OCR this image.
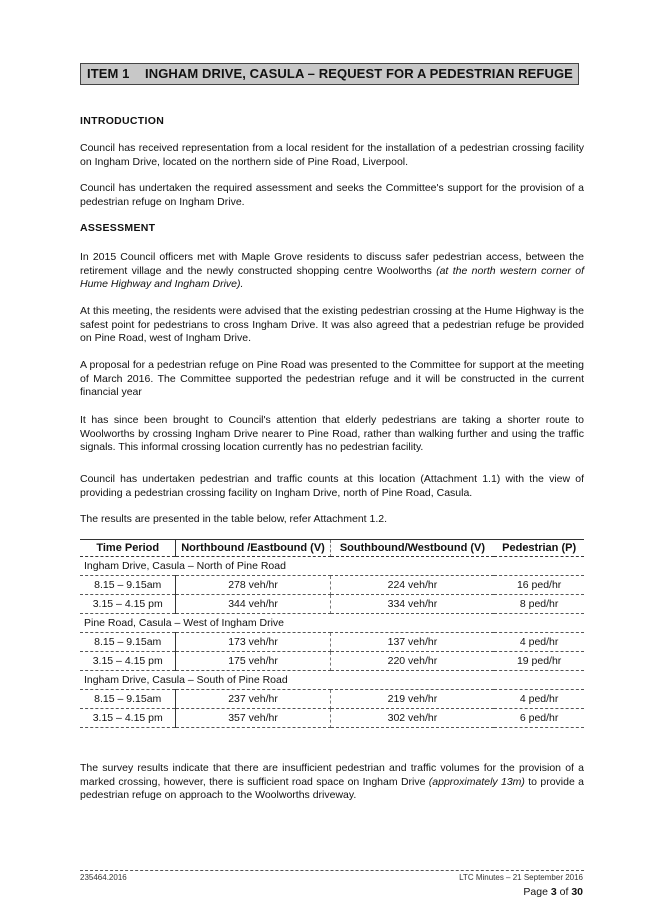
ITEM 1 INGHAM DRIVE, CASULA – REQUEST FOR A PEDESTRIAN REFUGE
INTRODUCTION

Council has received representation from a local resident for the installation of a pedestrian crossing facility on Ingham Drive, located on the northern side of Pine Road, Liverpool.

Council has undertaken the required assessment and seeks the Committee's support for the provision of a pedestrian refuge on Ingham Drive.

ASSESSMENT

In 2015 Council officers met with Maple Grove residents to discuss safer pedestrian access, between the retirement village and the newly constructed shopping centre Woolworths (at the north western corner of Hume Highway and Ingham Drive).

At this meeting, the residents were advised that the existing pedestrian crossing at the Hume Highway is the safest point for pedestrians to cross Ingham Drive. It was also agreed that a pedestrian refuge be provided on Pine Road, west of Ingham Drive.

A proposal for a pedestrian refuge on Pine Road was presented to the Committee for support at the meeting of March 2016. The Committee supported the pedestrian refuge and it will be constructed in the current financial year

It has since been brought to Council's attention that elderly pedestrians are taking a shorter route to Woolworths by crossing Ingham Drive nearer to Pine Road, rather than walking further and using the traffic signals. This informal crossing location currently has no pedestrian facility.

Council has undertaken pedestrian and traffic counts at this location (Attachment 1.1) with the view of providing a pedestrian crossing facility on Ingham Drive, north of Pine Road, Casula.

The results are presented in the table below, refer Attachment 1.2.

Time Period	Northbound /Eastbound (V)	Southbound/Westbound (V)	Pedestrian (P)
Ingham Drive, Casula – North of Pine Road			
8.15 – 9.15am	278 veh/hr	224 veh/hr	16 ped/hr
3.15 – 4.15 pm	344 veh/hr	334 veh/hr	8 ped/hr
Pine Road, Casula – West of Ingham Drive			
8.15 – 9.15am	173 veh/hr	137 veh/hr	4 ped/hr
3.15 – 4.15 pm	175 veh/hr	220 veh/hr	19 ped/hr
Ingham Drive, Casula – South of Pine Road			
8.15 – 9.15am	237 veh/hr	219 veh/hr	4 ped/hr
3.15 – 4.15 pm	357 veh/hr	302 veh/hr	6 ped/hr

The survey results indicate that there are insufficient pedestrian and traffic volumes for the provision of a marked crossing, however, there is sufficient road space on Ingham Drive (approximately 13m) to provide a pedestrian refuge on approach to the Woolworths driveway.

235464.2016	LTC Minutes – 21 September 2016
Page 3 of 30
